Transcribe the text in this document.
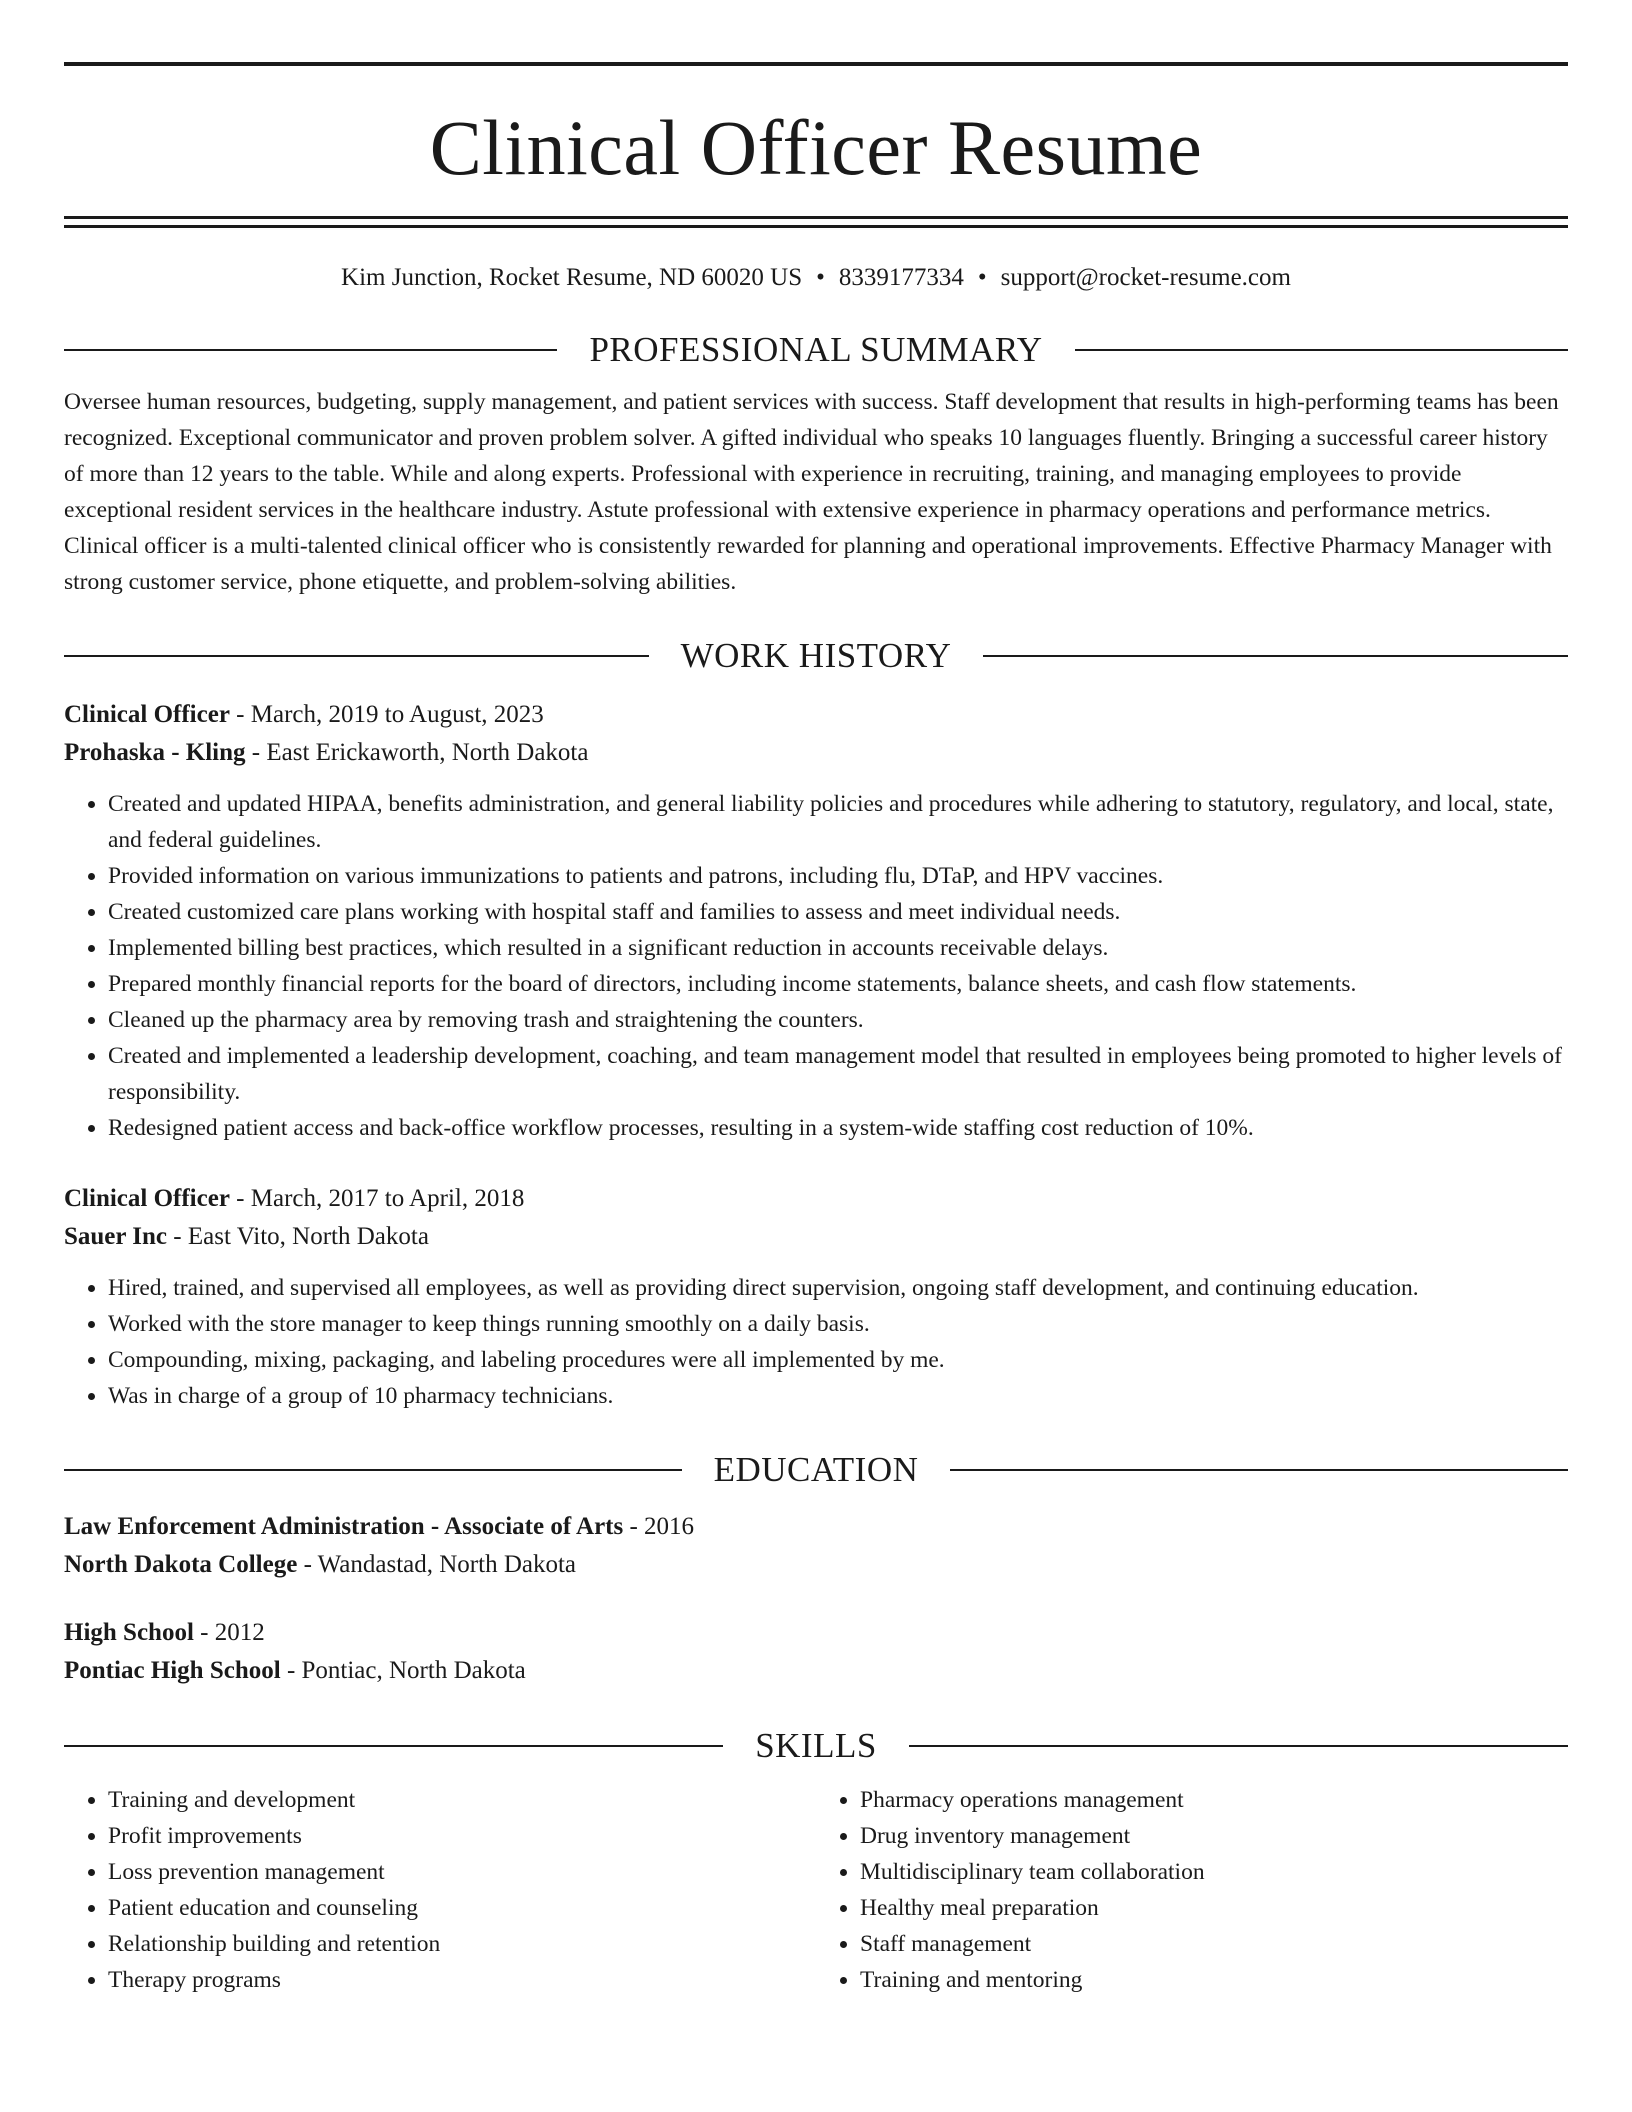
Clinical Officer Resume
Kim Junction, Rocket Resume, ND 60020 US • 8339177334 • support@rocket-resume.com
PROFESSIONAL SUMMARY
Oversee human resources, budgeting, supply management, and patient services with success. Staff development that results in high-performing teams has been recognized. Exceptional communicator and proven problem solver. A gifted individual who speaks 10 languages fluently. Bringing a successful career history of more than 12 years to the table. While and along experts. Professional with experience in recruiting, training, and managing employees to provide exceptional resident services in the healthcare industry. Astute professional with extensive experience in pharmacy operations and performance metrics. Clinical officer is a multi-talented clinical officer who is consistently rewarded for planning and operational improvements. Effective Pharmacy Manager with strong customer service, phone etiquette, and problem-solving abilities.
WORK HISTORY
Clinical Officer - March, 2019 to August, 2023
Prohaska - Kling - East Erickaworth, North Dakota
• Created and updated HIPAA, benefits administration, and general liability policies and procedures while adhering to statutory, regulatory, and local, state, and federal guidelines.
• Provided information on various immunizations to patients and patrons, including flu, DTaP, and HPV vaccines.
• Created customized care plans working with hospital staff and families to assess and meet individual needs.
• Implemented billing best practices, which resulted in a significant reduction in accounts receivable delays.
• Prepared monthly financial reports for the board of directors, including income statements, balance sheets, and cash flow statements.
• Cleaned up the pharmacy area by removing trash and straightening the counters.
• Created and implemented a leadership development, coaching, and team management model that resulted in employees being promoted to higher levels of responsibility.
• Redesigned patient access and back-office workflow processes, resulting in a system-wide staffing cost reduction of 10%.
Clinical Officer - March, 2017 to April, 2018
Sauer Inc - East Vito, North Dakota
• Hired, trained, and supervised all employees, as well as providing direct supervision, ongoing staff development, and continuing education.
• Worked with the store manager to keep things running smoothly on a daily basis.
• Compounding, mixing, packaging, and labeling procedures were all implemented by me.
• Was in charge of a group of 10 pharmacy technicians.
EDUCATION
Law Enforcement Administration - Associate of Arts - 2016
North Dakota College - Wandastad, North Dakota
High School - 2012
Pontiac High School - Pontiac, North Dakota
SKILLS
• Training and development
• Profit improvements
• Loss prevention management
• Patient education and counseling
• Relationship building and retention
• Therapy programs
• Pharmacy operations management
• Drug inventory management
• Multidisciplinary team collaboration
• Healthy meal preparation
• Staff management
• Training and mentoring
